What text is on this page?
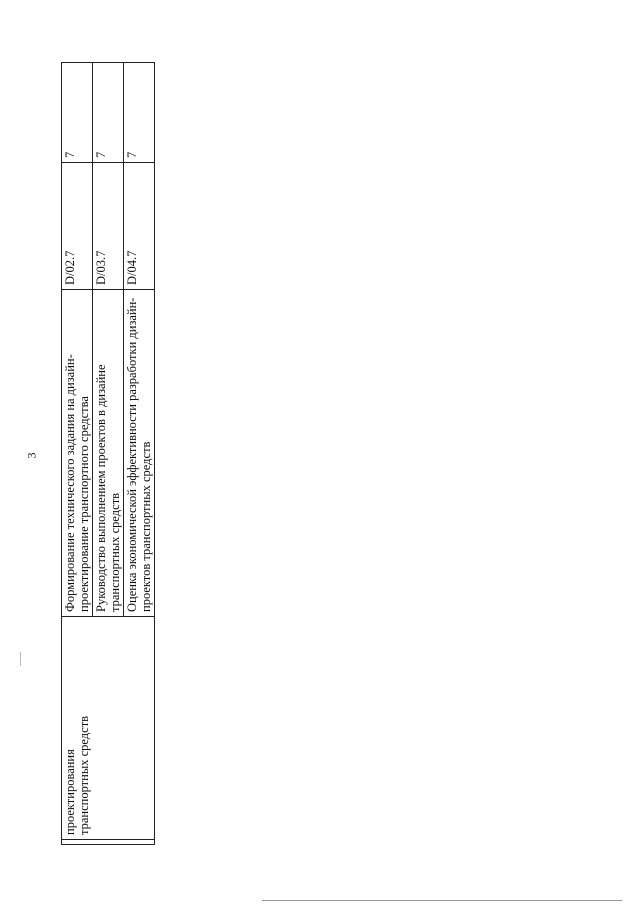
3

	проектирования транспортных средств	Формирование технического задания на дизайн-проектирование транспортного средства	D/02.7	7
		Руководство выполнением проектов в дизайне транспортных средств	D/03.7	7
		Оценка экономической эффективности разработки дизайн-проектов транспортных средств	D/04.7	7
